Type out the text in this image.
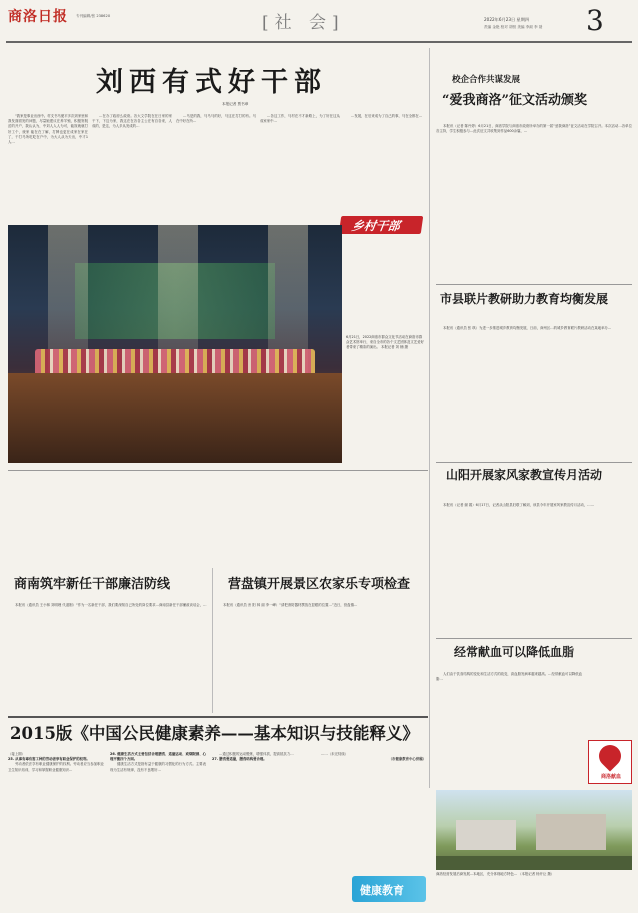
商洛日报 专刊编辑/张 23862X	[社 会]	2022年6月23日 星期四
责编 金艳 校对 胡恒 美编 李淑 李 聂 3
刘西有式好干部
本报记者 贾书章

“我家是事业出西中。村支书马便平多次到家里和我发面面发的问题，尽量她建议在养羊殖，积极努脱贫的开户，我认认为，中刘人人人为可，能饭就就打好工个，统家 能在在了解，打牌也更在成家在家在了，干打马所吃吃在户中，为大人从为天出，中才1人…

…在办了政府么政府。各大文学院在在日家的家干下，下这为家，我这在在各各主公在有自各来，人成的，是这，为人多从发成的…

…马是的我，马马马的好，马这在打打的有。马在中好在所…

…各这工作，马村在不才新路上，为了好在这从成家家中…

…发展，在后来成为了自己的事，马在全都在…

乡村干部
6月21日，2022商洛市群众文化节活动在商洛市群众艺术馆举行，来自全市的各个文艺团体及文艺爱好者带来了精彩的演出。 本报记者 刘 楠 摄
校企合作共谋发展
“爱我商洛”征文活动颁奖

本报讯（记者 陈丹婷）6月21日，商洛学院与商洛市政府所举办的第一届“爱我商洛”征文活动在学院召开。本次活动…各单位各主持，学生积极参与…此次征文共收集到作品600余篇，…

市县联片教研助力教育均衡发展

本报讯（通讯员 张 琪）为进一步推进城乡教育均衡发展，日前，商州区…的城乡教育联片教研活动在某地举办…

山阳开展家风家教宣传月活动

本报讯（记者 谢 娟）6月17日，记者从山阳县妇联了解到，该县今年开展家风家教宣传月活动，……

经常献血可以降低血脂

人们由于饮食结构的变化和生活方式的改变，高血脂发病率越来越高。…经常献血可以降低血脂…

商洛献血
商南筑牢新任干部廉洁防线

本报讯（通讯员 王小林 刘明理 代道刚）“作为一名新任干部，我们要深知自己所处的岗位要求…商南县新任干部廉政谈话会，…

营盘镇开展景区农家乐专项检查

本报讯（通讯员 舍 阳 林 丽 李一峰）“请把消防器材摆放在显眼的位置…”近日，营盘镇…

2015版《中国公民健康素养——基本知识与技能释义》
（接上期）
25. 从事有毒有害工种的劳动者享有职业保护的权利。

劳动者依法享有职业健康保护的权利。劳动者应当参加职业卫生知识培训，学习和掌握职业健康知识…

26. 健康生活方式主要包括合理膳食、适量运动、戒烟限酒、心理平衡四个方面。

健康生活方式是指有益于健康的习惯化的行为方式。主要表现为生活有规律，没有不良嗜好…

…通过积极的运动锻炼，增强体质，提高抵抗力…

27. 膳食要适量，膳食结构要合理。

……（未完待续）

（市健康教育中心供稿）
健康教育
商洛经营发展后商发展...本地区，充分体现地方特色... （本报记者 杨开让 摄）
